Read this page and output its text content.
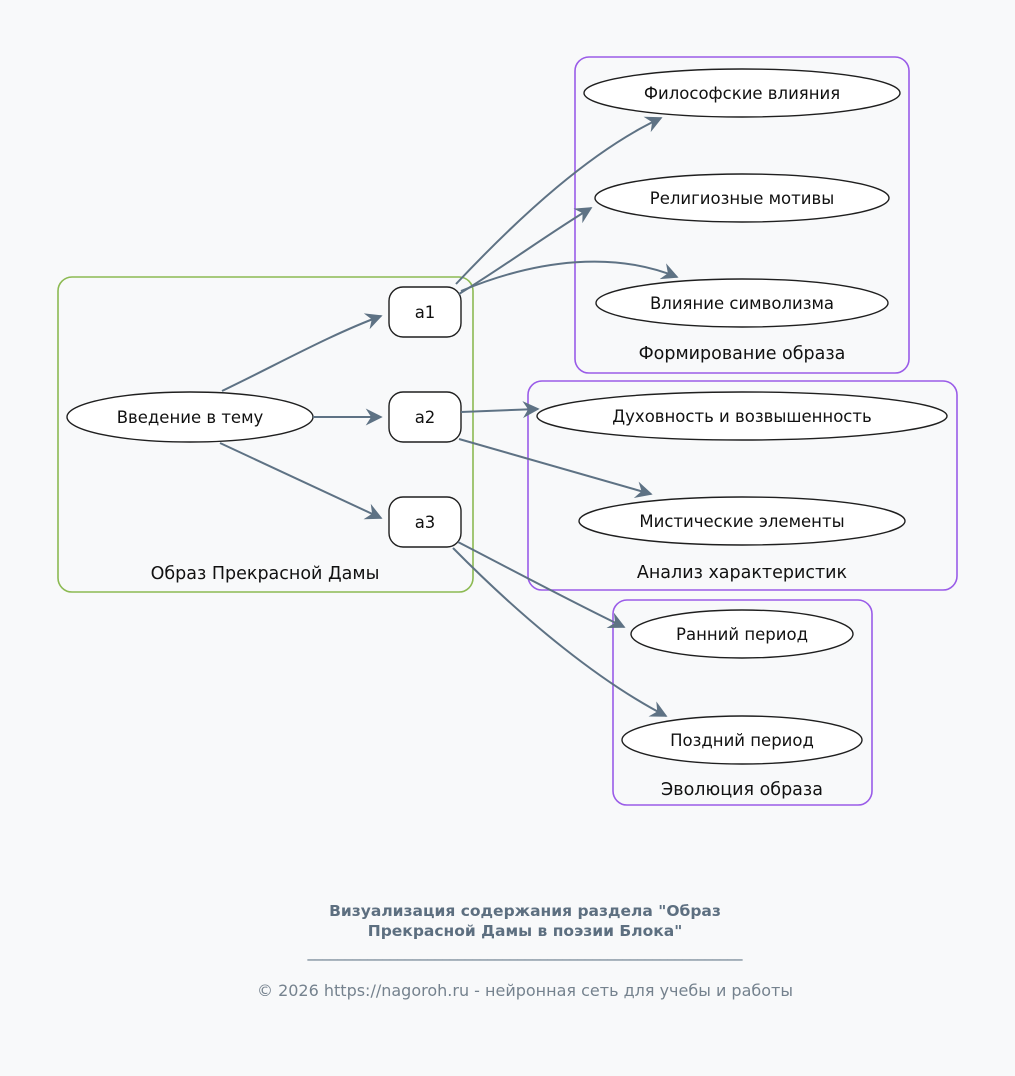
Введение в тему
a1
a2
a3
Философские влияния
Религиозные мотивы
Влияние символизма
Духовность и возвышенность
Мистические элементы
Ранний период
Поздний период
Образ Прекрасной Дамы
Формирование образа
Анализ характеристик
Эволюция образа
Визуализация содержания раздела "Образ
Прекрасной Дамы в поэзии Блока"
__________________________________________________________
© 2026 https://nagoroh.ru - нейронная сеть для учебы и работы
